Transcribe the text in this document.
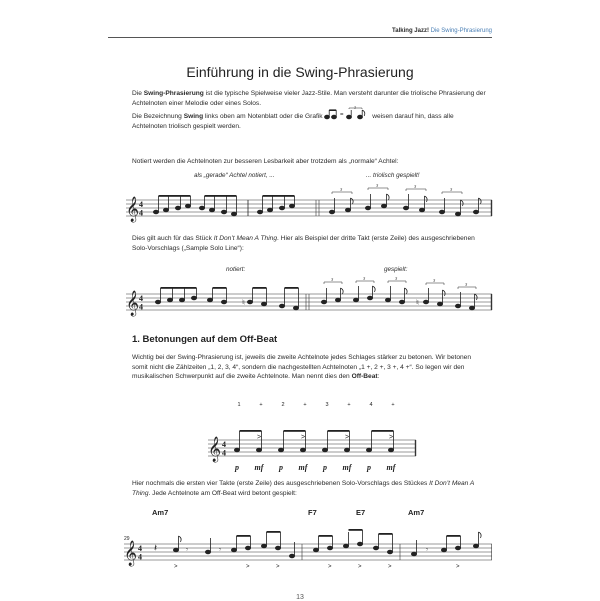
Talking Jazz! Die Swing-Phrasierung
Einführung in die Swing-Phrasierung
Die Swing-Phrasierung ist die typische Spielweise vieler Jazz-Stile. Man versteht darunter die triolische Phrasierung der Achtelnoten einer Melodie oder eines Solos.
Die Bezeichnung Swing links oben am Notenblatt oder die Grafik	=
3
weisen darauf hin, dass alle Achtelnoten triolisch gespielt werden.
Notiert werden die Achtelnoten zur besseren Lesbarkeit aber trotzdem als „normale“ Achtel:
als „gerade“ Achtel notiert, ...	... triolisch gespielt!
𝄞 4
4
3
3	3
3
Dies gilt auch für das Stück It Don’t Mean A Thing. Hier als Beispiel der dritte Takt (erste Zeile) des ausgeschriebenen Solo-Vorschlags („Sample Solo Line“):
notiert:	gespielt:
𝄞 4
4	♮	♮
3	3	3	3
3
1. Betonungen auf dem Off-Beat
Wichtig bei der Swing-Phrasierung ist, jeweils die zweite Achtelnote jedes Schlages stärker zu betonen. Wir betonen somit nicht die Zählzeiten „1, 2, 3, 4“, sondern die nachgestellten Achtelnoten „1 +, 2 +, 3 +, 4 +“. So legen wir den musikalischen Schwerpunkt auf die zweite Achtelnote. Man nennt dies den Off-Beat:
1	+	2	+	3	+	4	+
𝄞 4
4
>	>	>	>
p mf p mf p mf p mf
Hier nochmals die ersten vier Takte (erste Zeile) des ausgeschriebenen Solo-Vorschlags des Stückes It Don’t Mean A Thing. Jede Achtelnote am Off-Beat wird betont gespielt:
Am7	F7	E7	Am7
29
𝄞 4
4
𝄽	𝄾	𝄾	𝄾
>	>	>	>	>	>	>
13
